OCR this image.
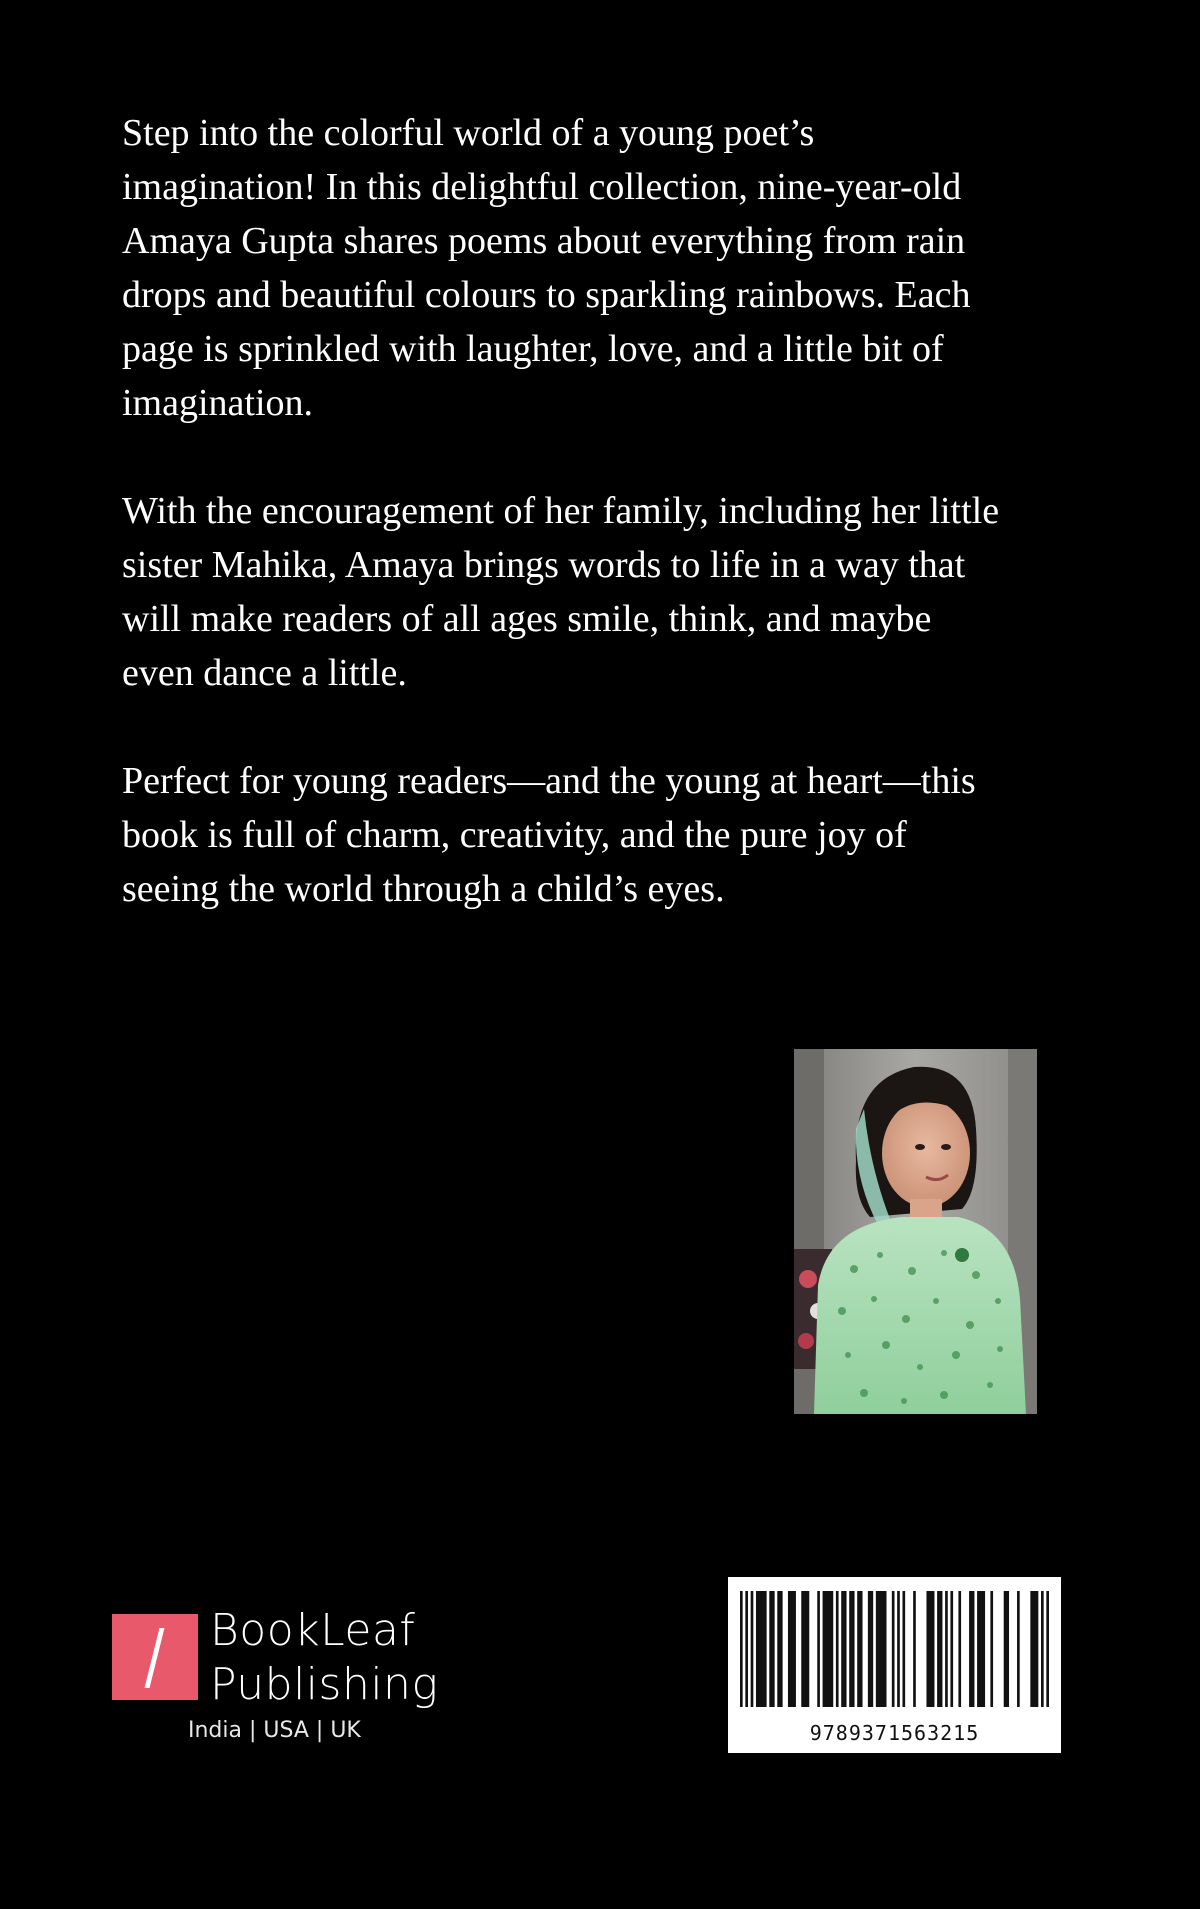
Step into the colorful world of a young poet’s
imagination! In this delightful collection, nine-year-old
Amaya Gupta shares poems about everything from rain
drops and beautiful colours to sparkling rainbows. Each
page is sprinkled with laughter, love, and a little bit of
imagination.

With the encouragement of her family, including her little
sister Mahika, Amaya brings words to life in a way that
will make readers of all ages smile, think, and maybe
even dance a little.

Perfect for young readers—and the young at heart—this
book is full of charm, creativity, and the pure joy of
seeing the world through a child’s eyes.

BookLeaf
Publishing
India | USA | UK	9789371563215
